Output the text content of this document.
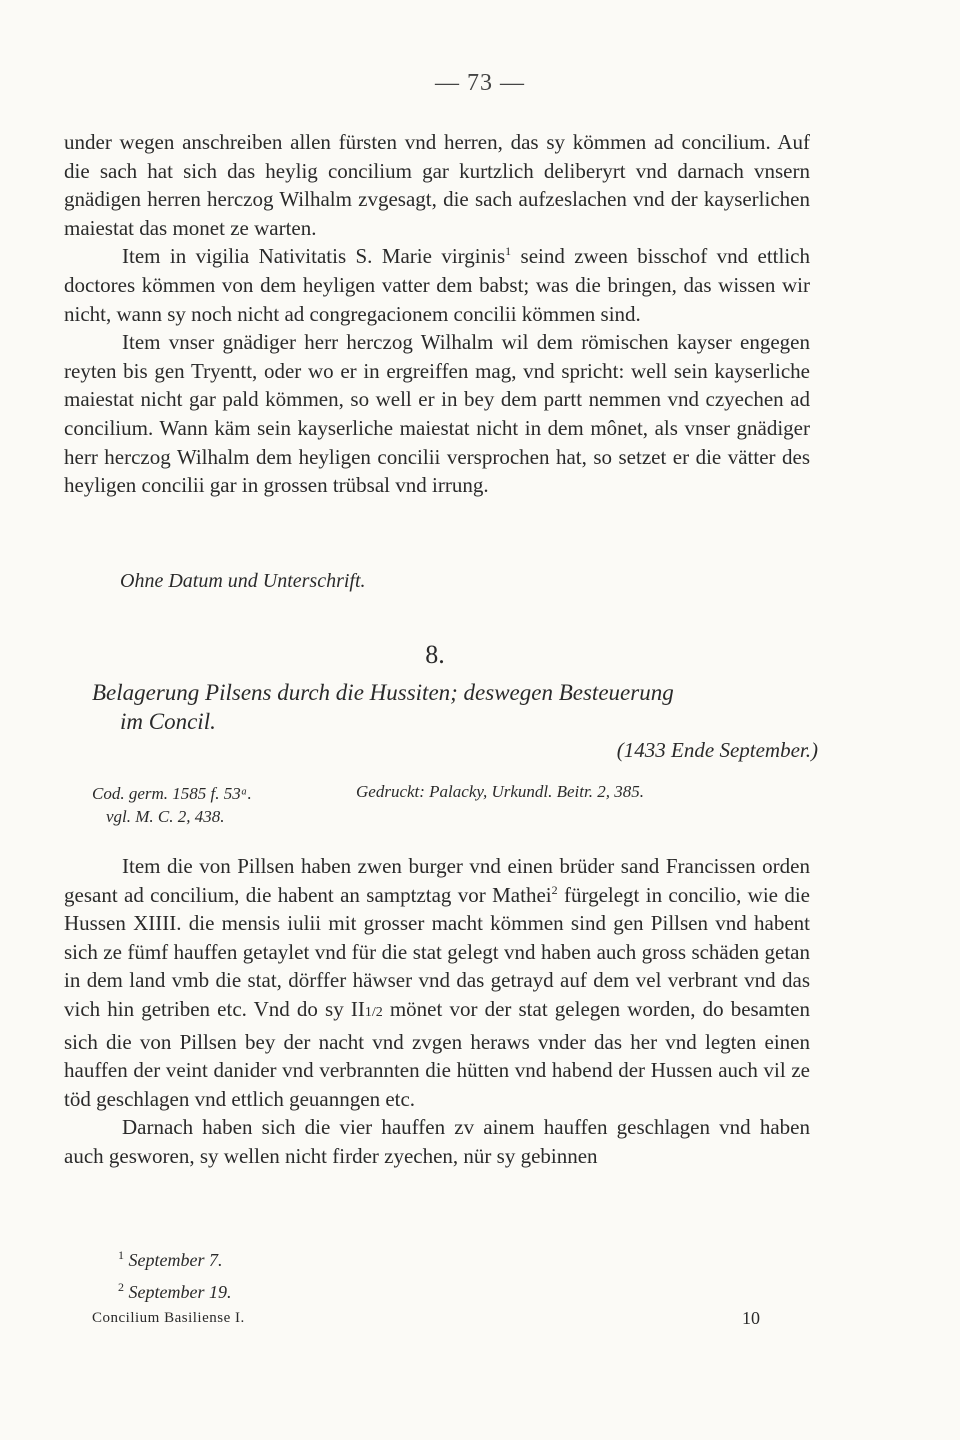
— 73 —

under wegen anschreiben allen fürsten vnd herren, das sy kömmen ad concilium. Auf die sach hat sich das heylig concilium gar kurtzlich deliberyrt vnd darnach vnsern gnädigen herren herczog Wilhalm zvgesagt, die sach aufzeslachen vnd der kayserlichen maiestat das monet ze warten.

Item in vigilia Nativitatis S. Marie virginis$^1$ seind zween bisschof vnd ettlich doctores kömmen von dem heyligen vatter dem babst; was die bringen, das wissen wir nicht, wann sy noch nicht ad congregacionem concilii kömmen sind.

Item vnser gnädiger herr herczog Wilhalm wil dem römischen kayser engegen reyten bis gen Tryentt, oder wo er in ergreiffen mag, vnd spricht: well sein kayserliche maiestat nicht gar pald kömmen, so well er in bey dem partt nemmen vnd czyechen ad concilium. Wann käm sein kayserliche maiestat nicht in dem mônet, als vnser gnädiger herr herczog Wilhalm dem heyligen concilii versprochen hat, so setzet er die vätter des heyligen concilii gar in grossen trübsal vnd irrung.

Ohne Datum und Unterschrift.
8.
Belagerung Pilsens durch die Hussiten; deswegen Besteuerung
im Concil.
(1433 Ende September.)
Cod. germ. 1585 f. 53ᵃ.
vgl. M. C. 2, 438.
Gedruckt: Palacky, Urkundl. Beitr. 2, 385.

Item die von Pillsen haben zwen burger vnd einen brüder sand Francissen orden gesant ad concilium, die habent an samptztag vor Mathei$^2$ fürgelegt in concilio, wie die Hussen XIIII. die mensis iulii mit grosser macht kömmen sind gen Pillsen vnd habent sich ze fümf hauffen getaylet vnd für die stat gelegt vnd haben auch gross schäden getan in dem land vmb die stat, dörffer häwser vnd das getrayd auf dem vel verbrant vnd das vich hin getriben etc. Vnd do sy II1/2 mönet vor der stat gelegen worden, do besamten sich die von Pillsen bey der nacht vnd zvgen heraws vnder das her vnd legten einen hauffen der veint danider vnd verbrannten die hütten vnd habend der Hussen auch vil ze töd geschlagen vnd ettlich geuanngen etc.

Darnach haben sich die vier hauffen zv ainem hauffen geschlagen vnd haben auch gesworen, sy wellen nicht firder zyechen, nür sy gebinnen

$^1$ September 7.

$^2$ September 19.

Concilium Basiliense I.	10
